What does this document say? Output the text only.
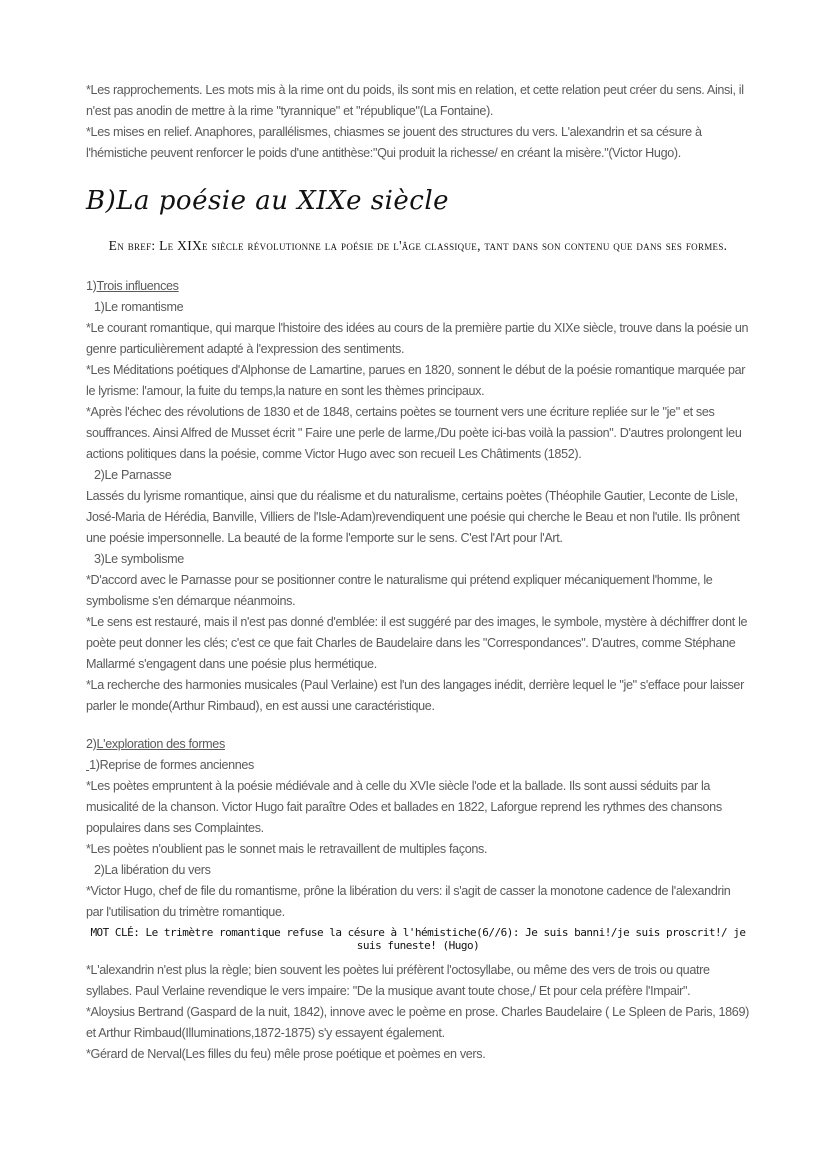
*Les rapprochements. Les mots mis à la rime ont du poids, ils sont mis en relation, et cette relation peut créer du sens. Ainsi, il n'est pas anodin de mettre à la rime "tyrannique" et "république"(La Fontaine).

*Les mises en relief. Anaphores, parallélismes, chiasmes se jouent des structures du vers. L'alexandrin et sa césure à l'hémistiche peuvent renforcer le poids d'une antithèse:"Qui produit la richesse/ en créant la misère."(Victor Hugo).

B)La poésie au XIXe siècle

En bref: Le XIXe siècle révolutionne la poésie de l'âge classique, tant dans son contenu que dans ses formes.

1)Trois influences

1)Le romantisme

*Le courant romantique, qui marque l'histoire des idées au cours de la première partie du XIXe siècle, trouve dans la poésie un genre particulièrement adapté à l'expression des sentiments.

*Les Méditations poétiques d'Alphonse de Lamartine, parues en 1820, sonnent le début de la poésie romantique marquée par le lyrisme: l'amour, la fuite du temps,la nature en sont les thèmes principaux.

*Après l'échec des révolutions de 1830 et de 1848, certains poètes se tournent vers une écriture repliée sur le "je" et ses souffrances. Ainsi Alfred de Musset écrit " Faire une perle de larme,/Du poète ici-bas voilà la passion". D'autres prolongent leu actions politiques dans la poésie, comme Victor Hugo avec son recueil Les Châtiments (1852).

2)Le Parnasse

Lassés du lyrisme romantique, ainsi que du réalisme et du naturalisme, certains poètes (Théophile Gautier, Leconte de Lisle, José-Maria de Hérédia, Banville, Villiers de l'Isle-Adam)revendiquent une poésie qui cherche le Beau et non l'utile. Ils prônent une poésie impersonnelle. La beauté de la forme l'emporte sur le sens. C'est l'Art pour l'Art.

3)Le symbolisme

*D'accord avec le Parnasse pour se positionner contre le naturalisme qui prétend expliquer mécaniquement l'homme, le symbolisme s'en démarque néanmoins.

*Le sens est restauré, mais il n'est pas donné d'emblée: il est suggéré par des images, le symbole, mystère à déchiffrer dont le poète peut donner les clés; c'est ce que fait Charles de Baudelaire dans les "Correspondances". D'autres, comme Stéphane Mallarmé s'engagent dans une poésie plus hermétique.

*La recherche des harmonies musicales (Paul Verlaine) est l'un des langages inédit, derrière lequel le "je" s'efface pour laisser parler le monde(Arthur Rimbaud), en est aussi une caractéristique.

2)L'exploration des formes

1)Reprise de formes anciennes

*Les poètes empruntent à la poésie médiévale and à celle du XVIe siècle l'ode et la ballade. Ils sont aussi séduits par la musicalité de la chanson. Victor Hugo fait paraître Odes et ballades en 1822, Laforgue reprend les rythmes des chansons populaires dans ses Complaintes.

*Les poètes n'oublient pas le sonnet mais le retravaillent de multiples façons.

2)La libération du vers

*Victor Hugo, chef de file du romantisme, prône la libération du vers: il s'agit de casser la monotone cadence de l'alexandrin par l'utilisation du trimètre romantique.

MOT CLÉ: Le trimètre romantique refuse la césure à l'hémistiche(6//6): Je suis banni!/je suis proscrit!/ je suis funeste! (Hugo)

*L'alexandrin n'est plus la règle; bien souvent les poètes lui préfèrent l'octosyllabe, ou même des vers de trois ou quatre syllabes. Paul Verlaine revendique le vers impaire: "De la musique avant toute chose,/ Et pour cela préfère l'Impair".

*Aloysius Bertrand (Gaspard de la nuit, 1842), innove avec le poème en prose. Charles Baudelaire ( Le Spleen de Paris, 1869) et Arthur Rimbaud(Illuminations,1872-1875) s'y essayent également.

*Gérard de Nerval(Les filles du feu) mêle prose poétique et poèmes en vers.
